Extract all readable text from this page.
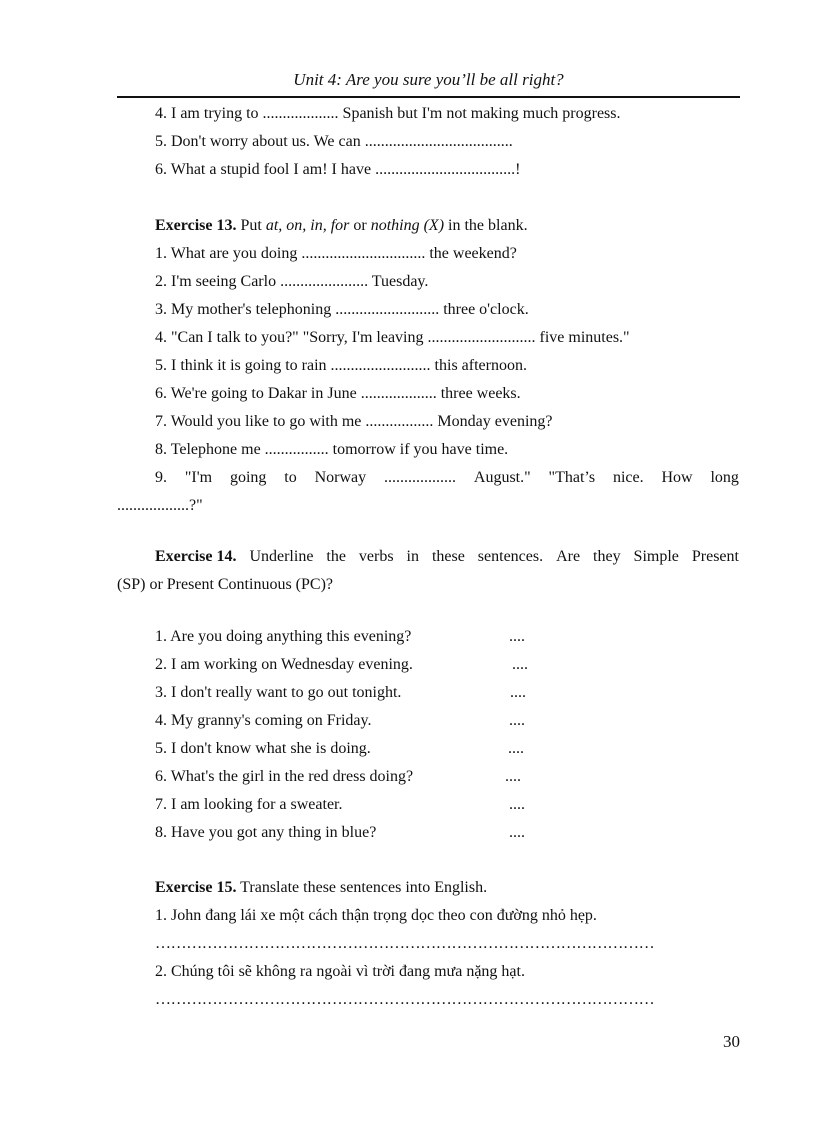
Unit 4: Are you sure you’ll be all right?
4. I am trying to ................... Spanish but I'm not making much progress.
5. Don't worry about us. We can .....................................
6. What a stupid fool I am! I have ...................................!
Exercise 13. Put at, on, in, for or nothing (X) in the blank.
1. What are you doing ............................... the weekend?
2. I'm seeing Carlo ...................... Tuesday.
3. My mother's telephoning .......................... three o'clock.
4. "Can I talk to you?" "Sorry, I'm leaving ........................... five minutes."
5. I think it is going to rain ......................... this afternoon.
6. We're going to Dakar in June ................... three weeks.
7. Would you like to go with me ................. Monday evening?
8. Telephone me ................ tomorrow if you have time.
9. "I'm going to Norway .................. August." "That’s nice. How long
..................?"
Exercise 14. Underline the verbs in these sentences. Are they Simple Present
(SP) or Present Continuous (PC)?
1. Are you doing anything this evening?	....
2. I am working on Wednesday evening.	....
3. I don't really want to go out tonight.	....
4. My granny's coming on Friday.	....
5. I don't know what she is doing.	....
6. What's the girl in the red dress doing?	....
7. I am looking for a sweater.	....
8. Have you got any thing in blue?	....
Exercise 15. Translate these sentences into English.
1. John đang lái xe một cách thận trọng dọc theo con đường nhỏ hẹp.
……………………………………………………………………………………
2. Chúng tôi sẽ không ra ngoài vì trời đang mưa nặng hạt.
……………………………………………………………………………………
30
